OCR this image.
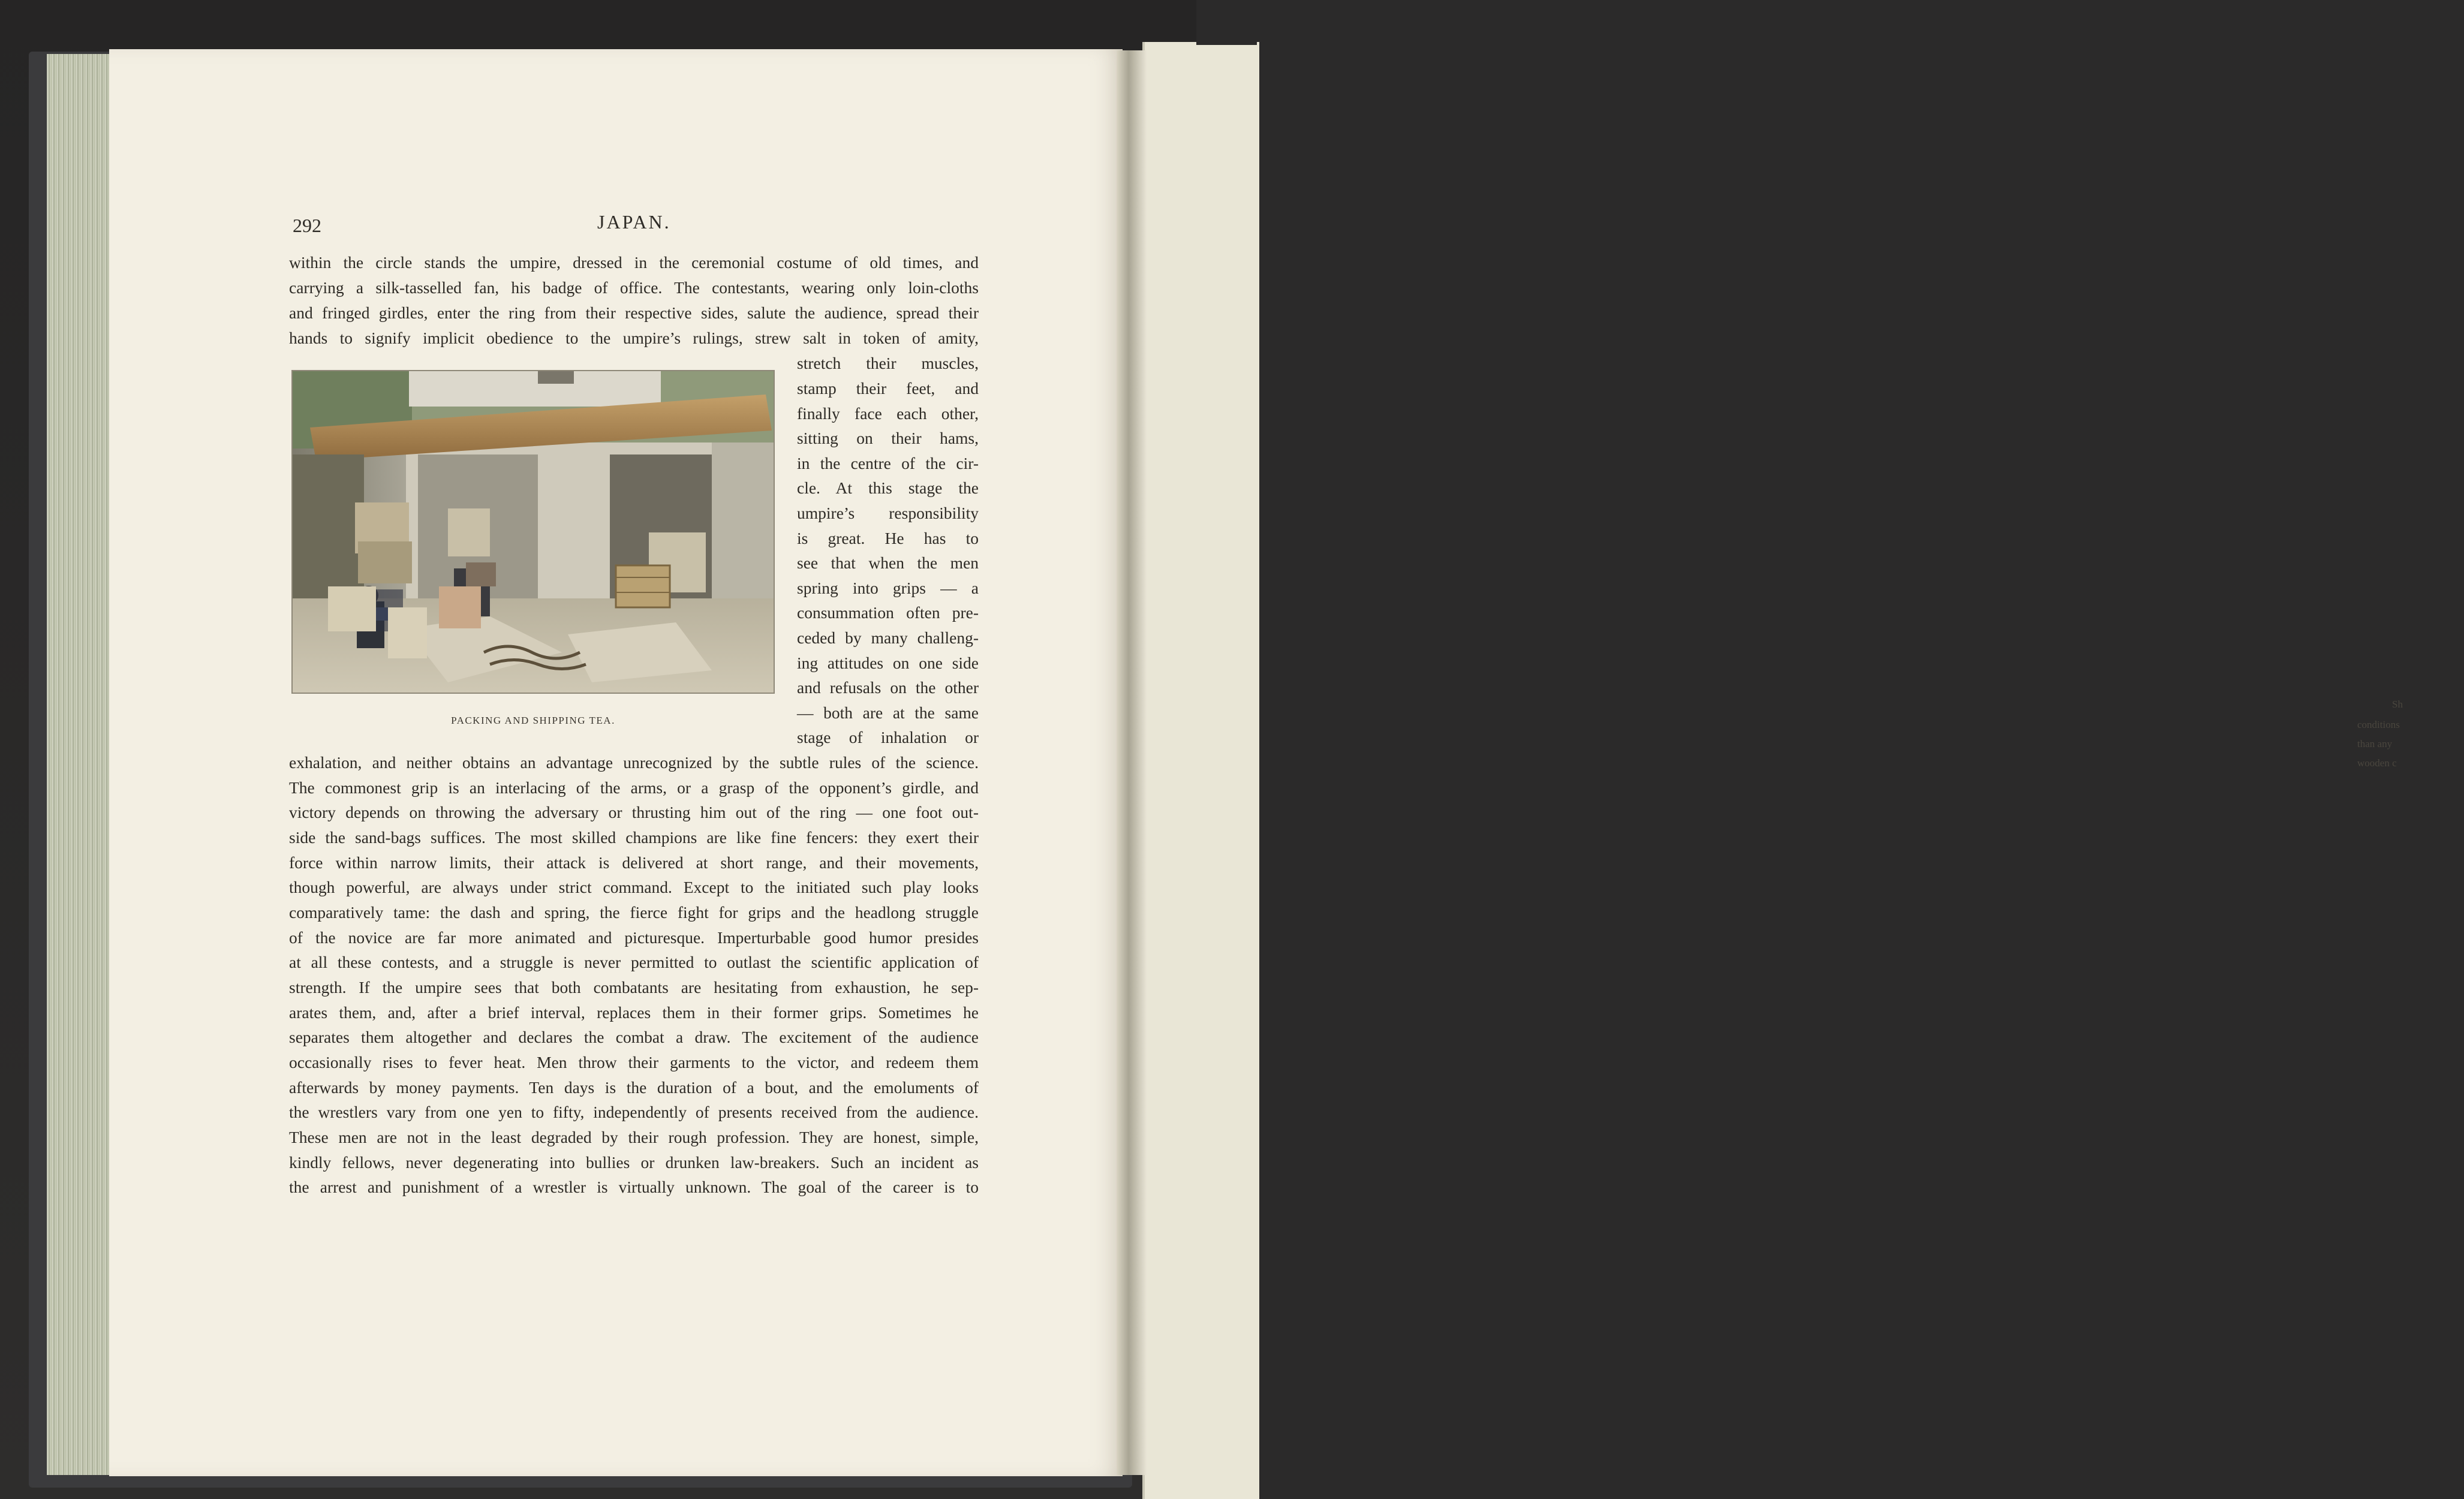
Sh
conditions
than any
wooden c
292	JAPAN.
within the circle stands the umpire, dressed in the ceremonial costume of old times, and
carrying a silk-tasselled fan, his badge of office. The contestants, wearing only loin-cloths
and fringed girdles, enter the ring from their respective sides, salute the audience, spread their
hands to signify implicit obedience to the umpire’s rulings, strew salt in token of amity,
PACKING AND SHIPPING TEA.
stretch their muscles,
stamp their feet, and
finally face each other,
sitting on their hams,
in the centre of the cir-
cle. At this stage the
umpire’s responsibility
is great. He has to
see that when the men
spring into grips — a
consummation often pre-
ceded by many challeng-
ing attitudes on one side
and refusals on the other
— both are at the same
stage of inhalation or
exhalation, and neither obtains an advantage unrecognized by the subtle rules of the science.
The commonest grip is an interlacing of the arms, or a grasp of the opponent’s girdle, and
victory depends on throwing the adversary or thrusting him out of the ring — one foot out-
side the sand-bags suffices. The most skilled champions are like fine fencers: they exert their
force within narrow limits, their attack is delivered at short range, and their movements,
though powerful, are always under strict command. Except to the initiated such play looks
comparatively tame: the dash and spring, the fierce fight for grips and the headlong struggle
of the novice are far more animated and picturesque. Imperturbable good humor presides
at all these contests, and a struggle is never permitted to outlast the scientific application of
strength. If the umpire sees that both combatants are hesitating from exhaustion, he sep-
arates them, and, after a brief interval, replaces them in their former grips. Sometimes he
separates them altogether and declares the combat a draw. The excitement of the audience
occasionally rises to fever heat. Men throw their garments to the victor, and redeem them
afterwards by money payments. Ten days is the duration of a bout, and the emoluments of
the wrestlers vary from one yen to fifty, independently of presents received from the audience.
These men are not in the least degraded by their rough profession. They are honest, simple,
kindly fellows, never degenerating into bullies or drunken law-breakers. Such an incident as
the arrest and punishment of a wrestler is virtually unknown. The goal of the career is to
